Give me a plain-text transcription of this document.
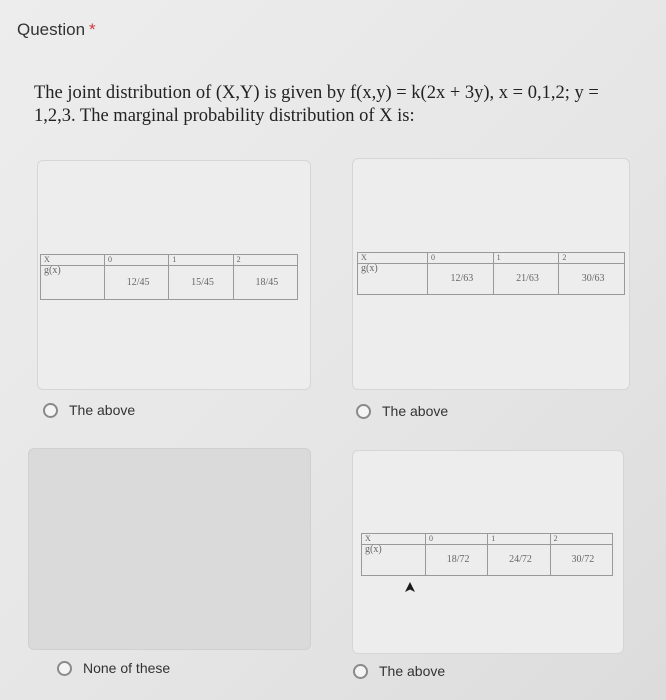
Question *
The joint distribution of (X,Y) is given by f(x,y) = k(2x + 3y), x = 0,1,2; y =
1,2,3. The marginal probability distribution of X is:
X	0	1	2
g(x)	12/45	15/45	18/45
The above
X	0	1	2
g(x)	12/63	21/63	30/63
The above
None of these
X	0	1	2
g(x)	18/72	24/72	30/72
The above
